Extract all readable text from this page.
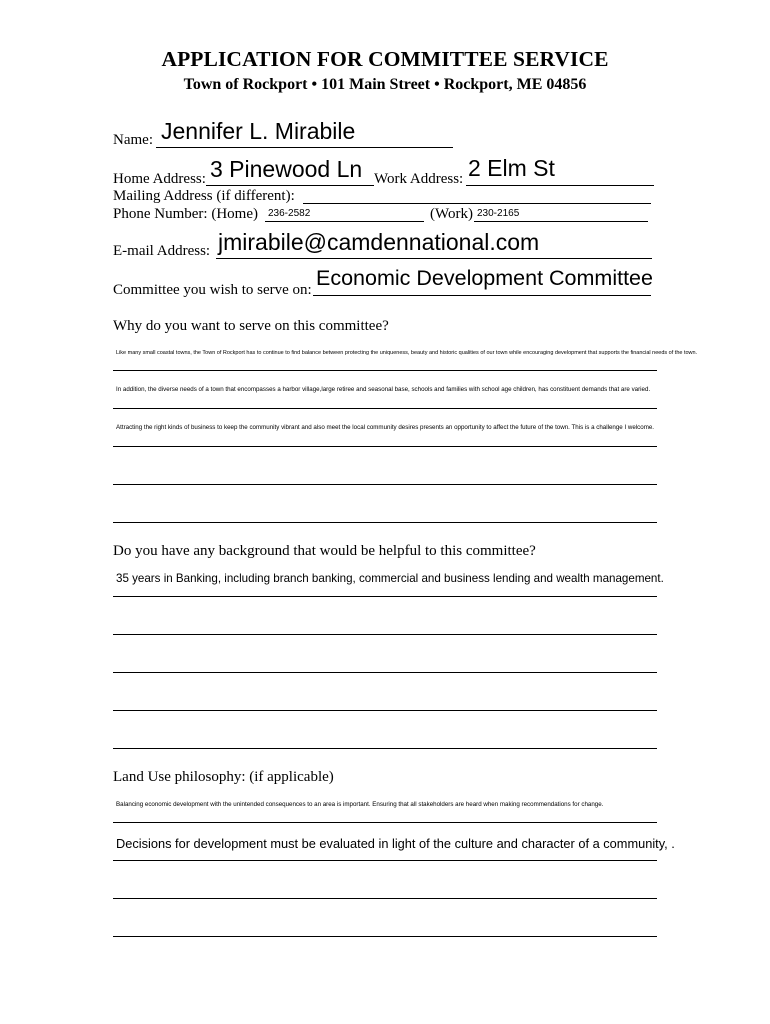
APPLICATION FOR COMMITTEE SERVICE
Town of Rockport • 101 Main Street • Rockport, ME 04856
Name: Jennifer L. Mirabile
Home Address: 3 Pinewood Ln Work Address: 2 Elm St
Mailing Address (if different):
Phone Number: (Home) 236-2582	(Work) 230-2165
E-mail Address: jmirabile@camdennational.com
Committee you wish to serve on: Economic Development Committee
Why do you want to serve on this committee?
Like many small coastal towns, the Town of Rockport has to continue to find balance between protecting the uniqueness, beauty and historic qualities of our town while encouraging development that supports the financial needs of the town.
In addition, the diverse needs of a town that encompasses a harbor village,large retiree and seasonal base, schools and families with school age children, has constituent demands that are varied.
Attracting the right kinds of business to keep the community vibrant and also meet the local community desires presents an opportunity to affect the future of the town. This is a challenge I welcome.
Do you have any background that would be helpful to this committee?
35 years in Banking, including branch banking, commercial and business lending and wealth management.
Land Use philosophy: (if applicable)
Balancing economic development with the unintended consequences to an area is important. Ensuring that all stakeholders are heard when making recommendations for change.
Decisions for development must be evaluated in light of the culture and character of a community, .
